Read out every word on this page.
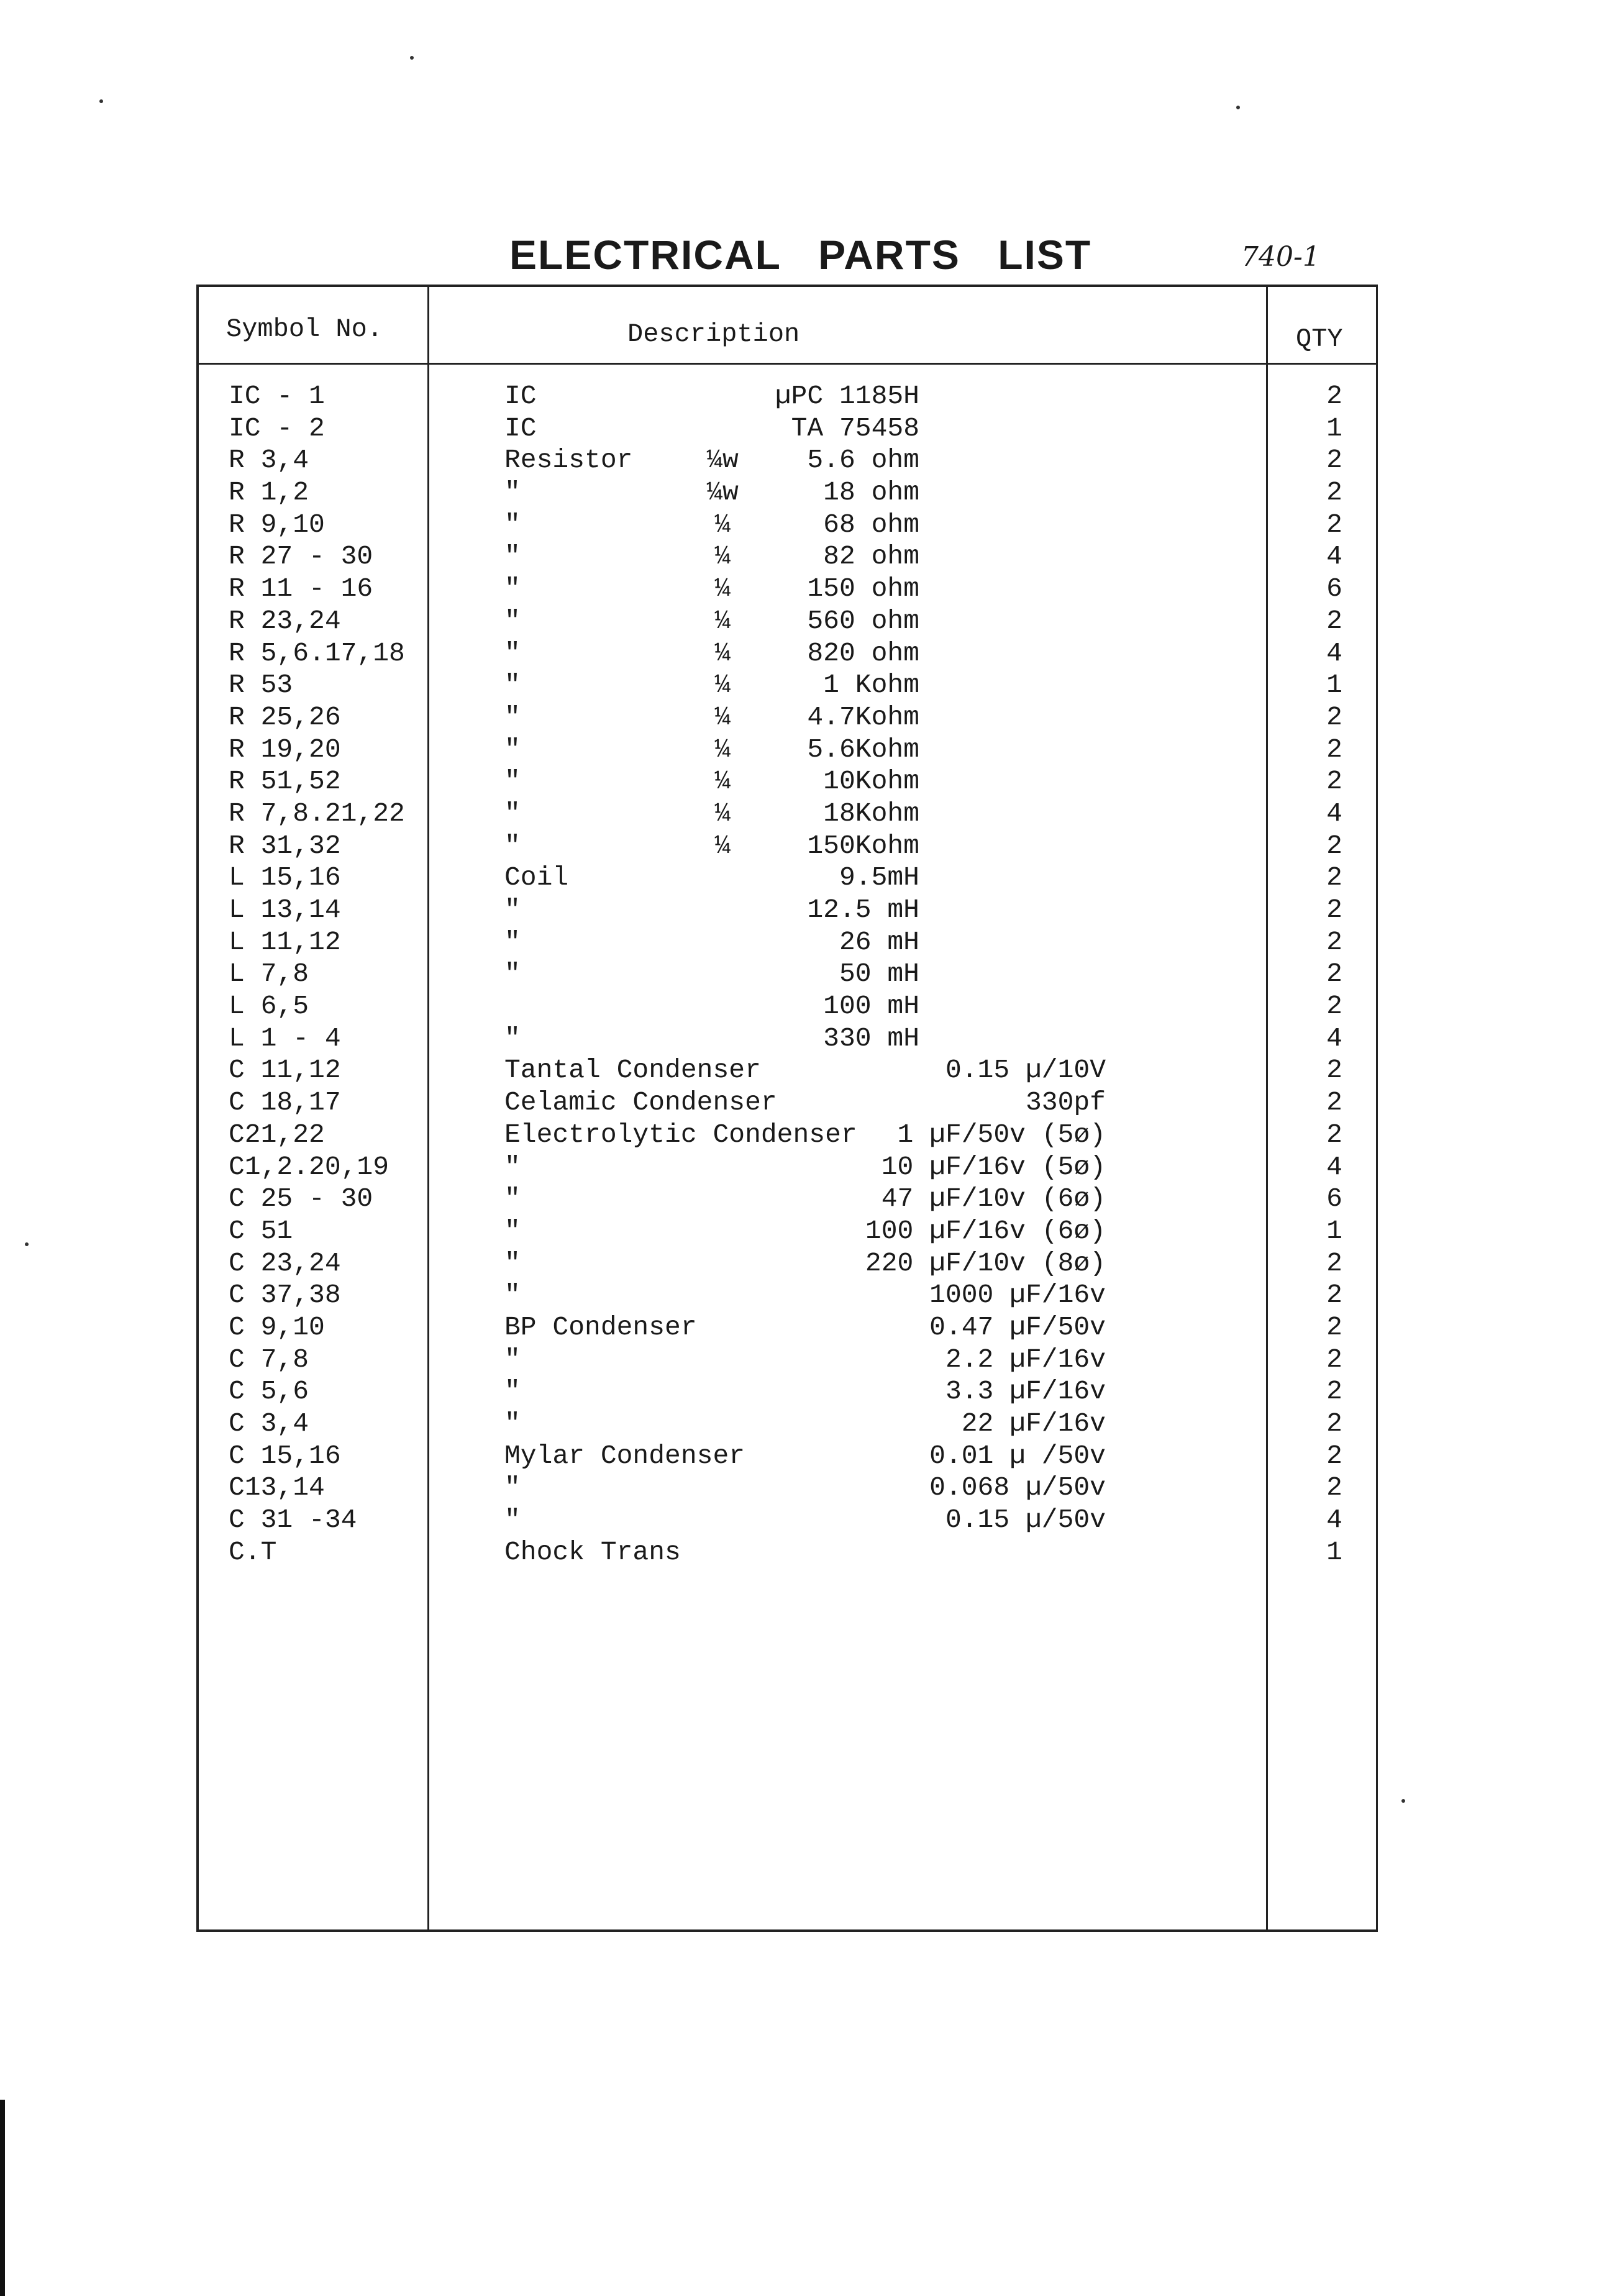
ELECTRICAL PARTS LIST	740-1
Symbol No.	Description	QTY
IC - 1	IC	µPC 1185H	2
IC - 2	IC	TA 75458	1
R 3,4	Resistor	¼w	5.6 ohm	2
R 1,2	"	¼w	18 ohm	2
R 9,10	"	¼	68 ohm	2
R 27 - 30	"	¼	82 ohm	4
R 11 - 16	"	¼	150 ohm	6
R 23,24	"	¼	560 ohm	2
R 5,6.17,18	"	¼	820 ohm	4
R 53	"	¼	1 Kohm	1
R 25,26	"	¼	4.7Kohm	2
R 19,20	"	¼	5.6Kohm	2
R 51,52	"	¼	10Kohm	2
R 7,8.21,22	"	¼	18Kohm	4
R 31,32	"	¼	150Kohm	2
L 15,16	Coil	9.5mH	2
L 13,14	"	12.5 mH	2
L 11,12	"	26 mH	2
L 7,8	"	50 mH	2
L 6,5	100 mH	2
L 1 - 4	"	330 mH	4
C 11,12	Tantal Condenser	0.15 µ/10V	2
C 18,17	Celamic Condenser	330pf	2
C21,22	Electrolytic Condenser	1 µF/50v (5ø)	2
C1,2.20,19	"	10 µF/16v (5ø)	4
C 25 - 30	"	47 µF/10v (6ø)	6
C 51	"	100 µF/16v (6ø)	1
C 23,24	"	220 µF/10v (8ø)	2
C 37,38	"	1000 µF/16v	2
C 9,10	BP Condenser	0.47 µF/50v	2
C 7,8	"	2.2 µF/16v	2
C 5,6	"	3.3 µF/16v	2
C 3,4	"	22 µF/16v	2
C 15,16	Mylar Condenser	0.01 µ /50v	2
C13,14	"	0.068 µ/50v	2
C 31 -34	"	0.15 µ/50v	4
C.T	Chock Trans	1
